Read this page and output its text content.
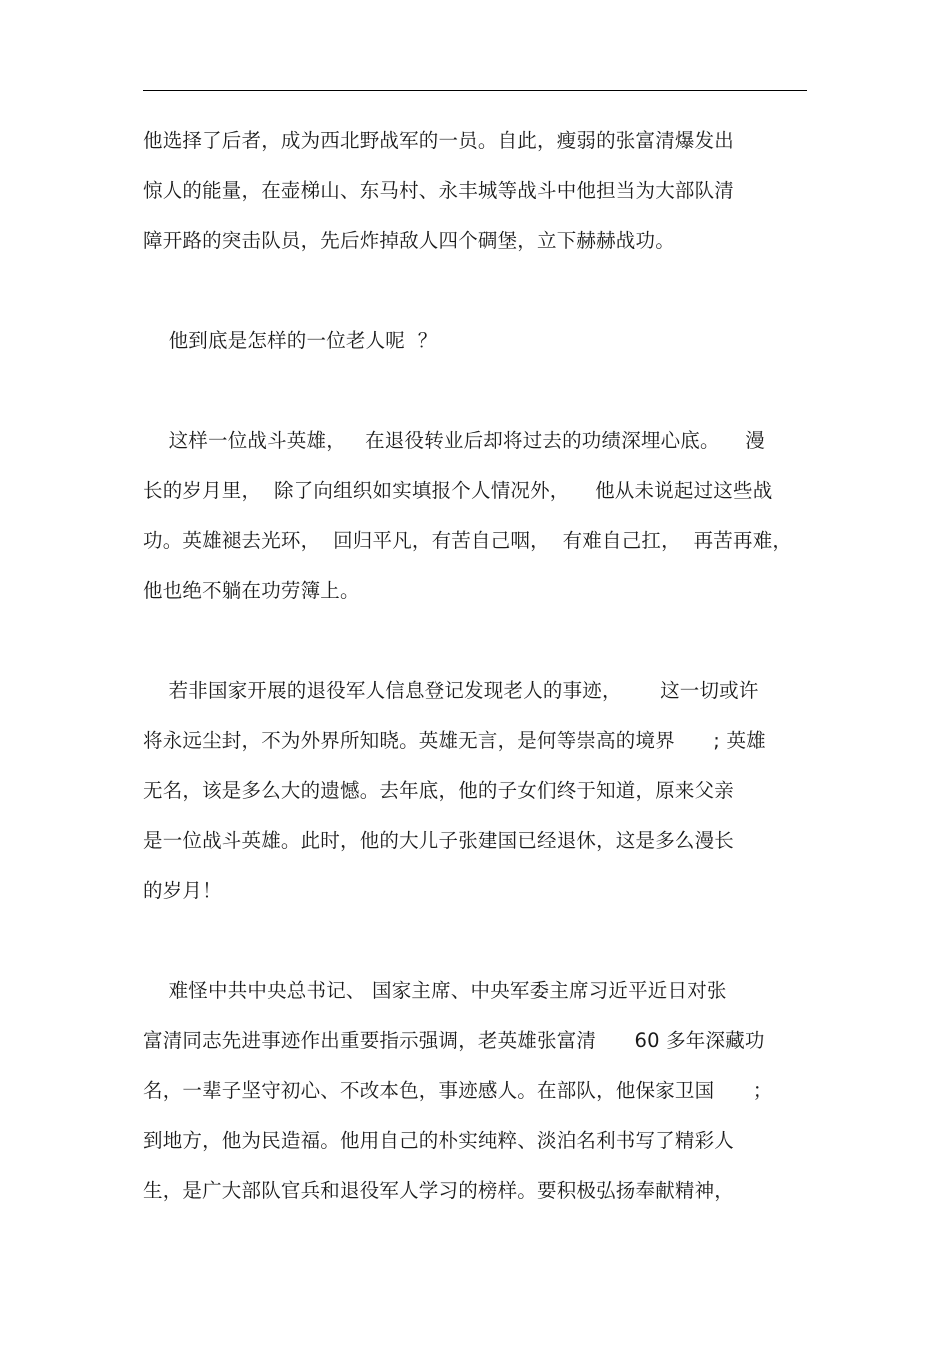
他选择了后者，成为西北野战军的一员。自此，瘦弱的张富清爆发出
惊人的能量，在壶梯山、东马村、永丰城等战斗中他担当为大部队清
障开路的突击队员，先后炸掉敌人四个碉堡，立下赫赫战功。
他到底是怎样的一位老人呢  ？
这样一位战斗英雄，   在退役转业后却将过去的功绩深埋心底。    漫
长的岁月里，  除了向组织如实填报个人情况外，    他从未说起过这些战
功。英雄褪去光环，  回归平凡，有苦自己咽，  有难自己扛，  再苦再难，
他也绝不躺在功劳簿上。
若非国家开展的退役军人信息登记发现老人的事迹，      这一切或许
将永远尘封，不为外界所知晓。英雄无言，是何等崇高的境界      ; 英雄
无名，该是多么大的遗憾。去年底，他的子女们终于知道，原来父亲
是一位战斗英雄。此时，他的大儿子张建国已经退休，这是多么漫长
的岁月！
难怪中共中央总书记、 国家主席、中央军委主席习近平近日对张
富清同志先进事迹作出重要指示强调，老英雄张富清      60 多年深藏功
名，一辈子坚守初心、不改本色，事迹感人。在部队，他保家卫国      ；
到地方，他为民造福。他用自己的朴实纯粹、淡泊名利书写了精彩人
生，是广大部队官兵和退役军人学习的榜样。要积极弘扬奉献精神，
